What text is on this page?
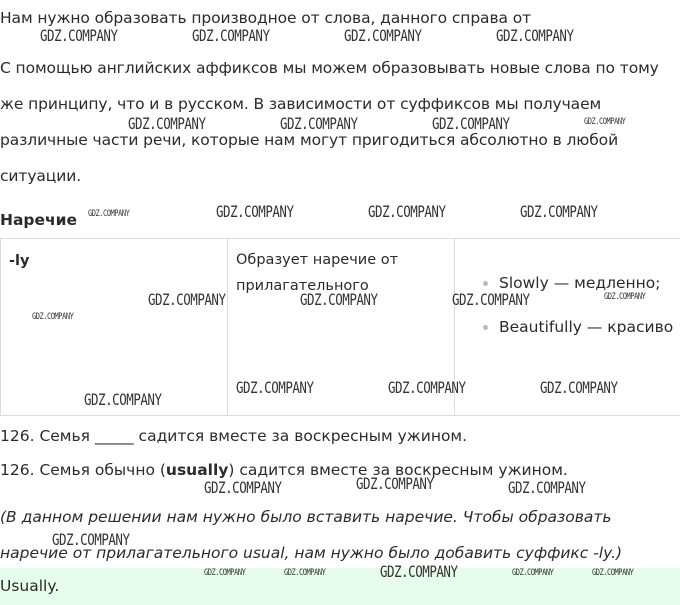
Нам нужно образовать производное от слова, данного справа от

С помощью английских аффиксов мы можем образовывать новые слова по тому же принципу, что и в русском. В зависимости от суффиксов мы получаем различные части речи, которые нам могут пригодиться абсолютно в любой ситуации.

Наречие
-ly	Образует наречие от прилагательного	Slowly — медленно;
Beautifully — красиво

126. Семья _____ садится вместе за воскресным ужином.

126. Семья обычно (usually) садится вместе за воскресным ужином.

(В данном решении нам нужно было вставить наречие. Чтобы образовать наречие от прилагательного usual, нам нужно было добавить суффикс -ly.)

Usually.

GDZ.COMPANY	GDZ.COMPANY	GDZ.COMPANY	GDZ.COMPANY
GDZ.COMPANY	GDZ.COMPANY	GDZ.COMPANY	GDZ.COMPANY
GDZ.COMPANY	GDZ.COMPANY	GDZ.COMPANY	GDZ.COMPANY
GDZ.COMPANY	GDZ.COMPANY	GDZ.COMPANY	GDZ.COMPANY
GDZ.COMPANY
GDZ.COMPANY	GDZ.COMPANY	GDZ.COMPANY
GDZ.COMPANY
GDZ.COMPANY	GDZ.COMPANY	GDZ.COMPANY
GDZ.COMPANY
GDZ.COMPANY	GDZ.COMPANY	GDZ.COMPANY	GDZ.COMPANY	GDZ.COMPANY
